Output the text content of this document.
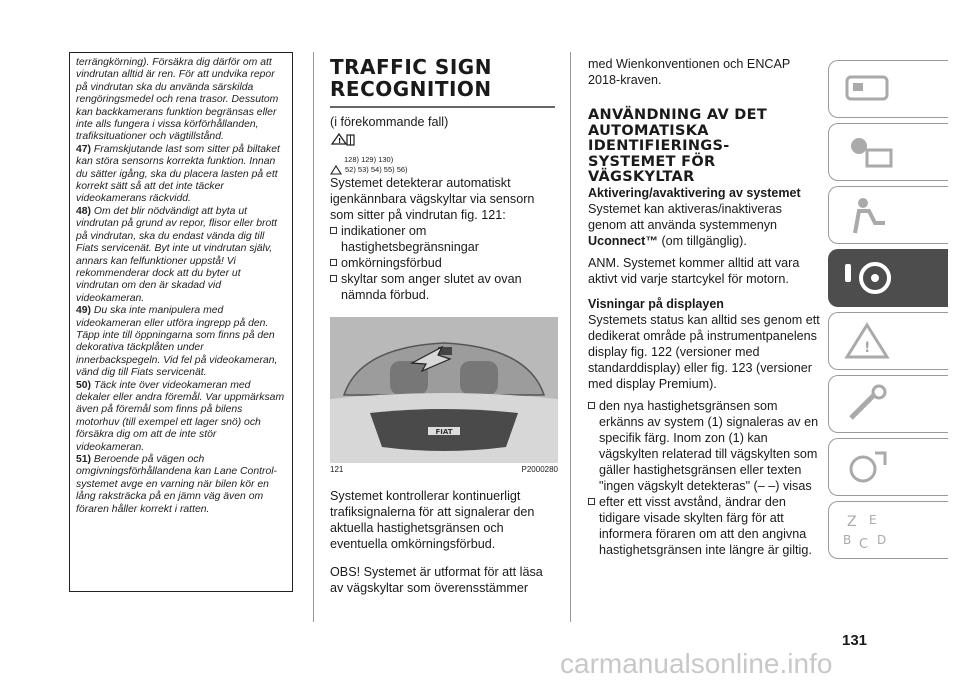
terrängkörning). Försäkra dig därför om att vindrutan alltid är ren. För att undvika repor på vindrutan ska du använda särskilda rengöringsmedel och rena trasor. Dessutom kan backkamerans funktion begränsas eller inte alls fungera i vissa körförhållanden, trafiksituationer och vägtillstånd.

47) Framskjutande last som sitter på biltaket kan störa sensorns korrekta funktion. Innan du sätter igång, ska du placera lasten på ett korrekt sätt så att det inte täcker videokamerans räckvidd.

48) Om det blir nödvändigt att byta ut vindrutan på grund av repor, flisor eller brott på vindrutan, ska du endast vända dig till Fiats servicenät. Byt inte ut vindrutan själv, annars kan felfunktioner uppstå! Vi rekommenderar dock att du byter ut vindrutan om den är skadad vid videokameran.

49) Du ska inte manipulera med videokameran eller utföra ingrepp på den. Täpp inte till öppningarna som finns på den dekorativa täckplåten under innerbackspegeln. Vid fel på videokameran, vänd dig till Fiats servicenät.

50) Täck inte över videokameran med dekaler eller andra föremål. Var uppmärksam även på föremål som finns på bilens motorhuv (till exempel ett lager snö) och försäkra dig om att de inte stör videokameran.

51) Beroende på vägen och omgivningsförhållandena kan Lane Control-systemet avge en varning när bilen kör en lång raksträcka på en jämn väg även om föraren håller korrekt i ratten.

TRAFFIC SIGN

RECOGNITION

(i förekommande fall)

!
128) 129) 130)
52) 53) 54) 55) 56)

Systemet detekterar automatiskt igenkännbara vägskyltar via sensorn som sitter på vindrutan fig. 121:

indikationer om hastighetsbegränsningar
omkörningsförbud
skyltar som anger slutet av ovan nämnda förbud.
FIAT
121	P2000280

Systemet kontrollerar kontinuerligt trafiksignalerna för att signalerar den aktuella hastighetsgränsen och eventuella omkörningsförbud.

OBS! Systemet är utformat för att läsa av vägskyltar som överensstämmer

med Wienkonventionen och ENCAP 2018-kraven.

ANVÄNDNING AV DET

AUTOMATISKA

IDENTIFIERINGS-

SYSTEMET FÖR

VÄGSKYLTAR

Aktivering/avaktivering av systemet

Systemet kan aktiveras/inaktiveras genom att använda systemmenyn Uconnect™ (om tillgänglig).

ANM. Systemet kommer alltid att vara aktivt vid varje startcykel för motorn.

Visningar på displayen

Systemets status kan alltid ses genom ett dedikerat område på instrumentpanelens display fig. 122 (versioner med standarddisplay) eller fig. 123 (versioner med display Premium).

den nya hastighetsgränsen som erkänns av system (1) signaleras av en specifik färg. Inom zon (1) kan vägskylten relaterad till vägskylten som gäller hastighetsgränsen eller texten "ingen vägskylt detekteras" (– –) visas
efter ett visst avstånd, ändrar den tidigare visade skylten färg för att informera föraren om att den angivna hastighetsgränsen inte längre är giltig.
!
Z E
B C D
131
carmanualsonline.info
